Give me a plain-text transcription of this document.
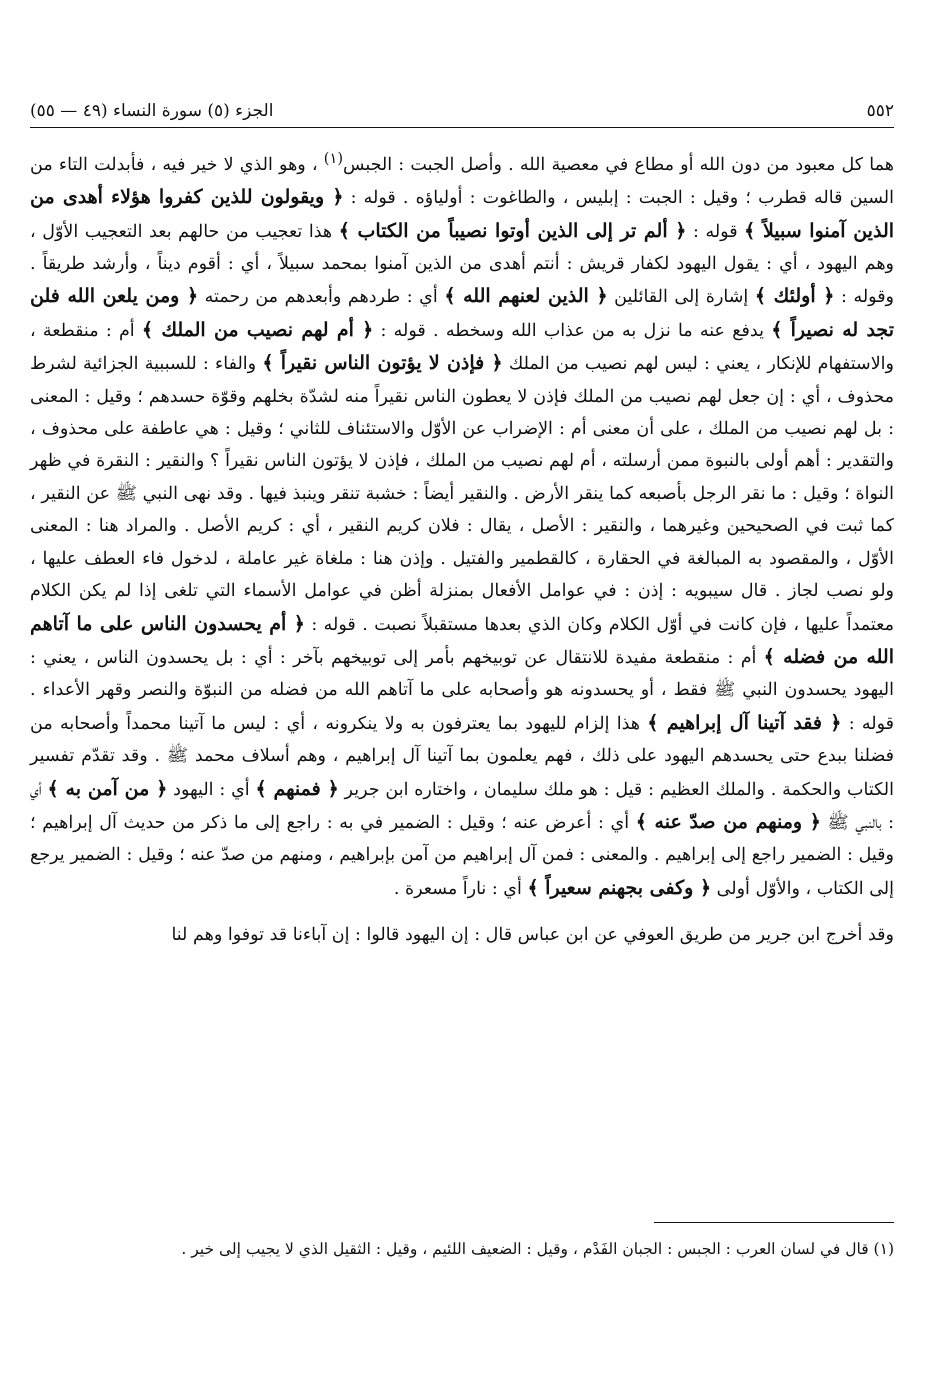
٥٥٢
الجزء (٥) سورة النساء (٤٩ — ٥٥)

هما كل معبود من دون الله أو مطاع في معصية الله . وأصل الجبت : الجبس$^{(١)}$ ، وهو الذي لا خير فيه ، فأبدلت التاء من السين قاله قطرب ؛ وقيل : الجبت : إبليس ، والطاغوت : أولياؤه . قوله : ﴿ ويقولون للذين كفروا هؤلاء أهدى من الذين آمنوا سبيلاً ﴾ قوله : ﴿ ألم تر إلى الذين أوتوا نصيباً من الكتاب ﴾ هذا تعجيب من حالهم بعد التعجيب الأوّل ، وهم اليهود ، أي : يقول اليهود لكفار قريش : أنتم أهدى من الذين آمنوا بمحمد سبيلاً ، أي : أقوم ديناً ، وأرشد طريقاً . وقوله : ﴿ أولئك ﴾ إشارة إلى القائلين ﴿ الذين لعنهم الله ﴾ أي : طردهم وأبعدهم من رحمته ﴿ ومن يلعن الله فلن تجد له نصيراً ﴾ يدفع عنه ما نزل به من عذاب الله وسخطه . قوله : ﴿ أم لهم نصيب من الملك ﴾ أم : منقطعة ، والاستفهام للإنكار ، يعني : ليس لهم نصيب من الملك ﴿ فإذن لا يؤتون الناس نقيراً ﴾ والفاء : للسببية الجزائية لشرط محذوف ، أي : إن جعل لهم نصيب من الملك فإذن لا يعطون الناس نقيراً منه لشدّة بخلهم وقوّة حسدهم ؛ وقيل : المعنى : بل لهم نصيب من الملك ، على أن معنى أم : الإضراب عن الأوّل والاستئناف للثاني ؛ وقيل : هي عاطفة على محذوف ، والتقدير : أهم أولى بالنبوة ممن أرسلته ، أم لهم نصيب من الملك ، فإذن لا يؤتون الناس نقيراً ؟ والنقير : النقرة في ظهر النواة ؛ وقيل : ما نقر الرجل بأصبعه كما ينقر الأرض . والنقير أيضاً : خشبة تنقر وينبذ فيها . وقد نهى النبي ﷺ عن النقير ، كما ثبت في الصحيحين وغيرهما ، والنقير : الأصل ، يقال : فلان كريم النقير ، أي : كريم الأصل . والمراد هنا : المعنى الأوّل ، والمقصود به المبالغة في الحقارة ، كالقطمير والفتيل . وإذن هنا : ملغاة غير عاملة ، لدخول فاء العطف عليها ، ولو نصب لجاز . قال سيبويه : إذن : في عوامل الأفعال بمنزلة أظن في عوامل الأسماء التي تلغى إذا لم يكن الكلام معتمداً عليها ، فإن كانت في أوّل الكلام وكان الذي بعدها مستقبلاً نصبت . قوله : ﴿ أم يحسدون الناس على ما آتاهم الله من فضله ﴾ أم : منقطعة مفيدة للانتقال عن توبيخهم بأمر إلى توبيخهم بآخر : أي : بل يحسدون الناس ، يعني : اليهود يحسدون النبي ﷺ فقط ، أو يحسدونه هو وأصحابه على ما آتاهم الله من فضله من النبوّة والنصر وقهر الأعداء . قوله : ﴿ فقد آتينا آل إبراهيم ﴾ هذا إلزام لليهود بما يعترفون به ولا ينكرونه ، أي : ليس ما آتينا محمداً وأصحابه من فضلنا ببدع حتى يحسدهم اليهود على ذلك ، فهم يعلمون بما آتينا آل إبراهيم ، وهم أسلاف محمد ﷺ . وقد تقدّم تفسير الكتاب والحكمة . والملك العظيم : قيل : هو ملك سليمان ، واختاره ابن جرير ﴿ فمنهم ﴾ أي : اليهود ﴿ من آمن به ﴾ أي : بالنبي ﷺ ﴿ ومنهم من صدّ عنه ﴾ أي : أعرض عنه ؛ وقيل : الضمير في به : راجع إلى ما ذكر من حديث آل إبراهيم ؛ وقيل : الضمير راجع إلى إبراهيم . والمعنى : فمن آل إبراهيم من آمن بإبراهيم ، ومنهم من صدّ عنه ؛ وقيل : الضمير يرجع إلى الكتاب ، والأوّل أولى ﴿ وكفى بجهنم سعيراً ﴾ أي : ناراً مسعرة .

وقد أخرج ابن جرير من طريق العوفي عن ابن عباس قال : إن اليهود قالوا : إن آباءنا قد توفوا وهم لنا

(١) قال في لسان العرب : الجبس : الجبان الفَدْم ، وقيل : الضعيف اللئيم ، وقيل : الثقيل الذي لا يجيب إلى خير .
